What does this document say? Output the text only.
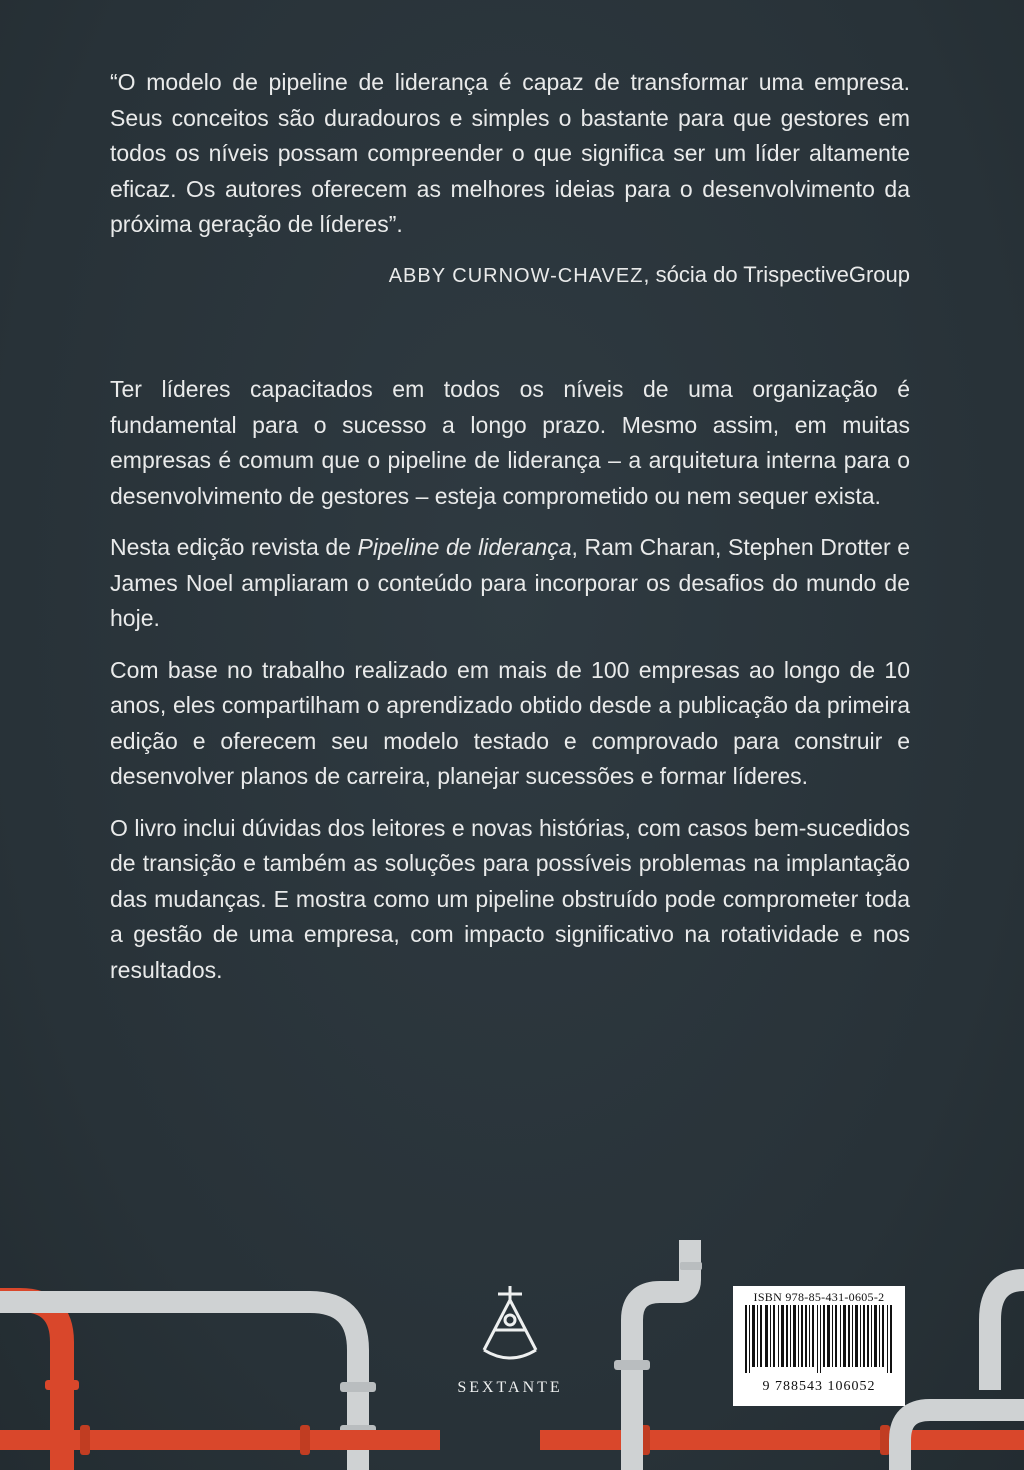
“O modelo de pipeline de liderança é capaz de transformar uma empresa. Seus conceitos são duradouros e simples o bastante para que gestores em todos os níveis possam compreender o que significa ser um líder altamente eficaz. Os autores oferecem as melhores ideias para o desenvolvimento da próxima geração de líderes”.
ABBY CURNOW-CHAVEZ, sócia do TrispectiveGroup

Ter líderes capacitados em todos os níveis de uma organização é fundamental para o sucesso a longo prazo. Mesmo assim, em muitas empresas é comum que o pipeline de liderança – a arquitetura interna para o desenvolvimento de gestores – esteja comprometido ou nem sequer exista.

Nesta edição revista de Pipeline de liderança, Ram Charan, Stephen Drotter e James Noel ampliaram o conteúdo para incorporar os desafios do mundo de hoje.

Com base no trabalho realizado em mais de 100 empresas ao longo de 10 anos, eles compartilham o aprendizado obtido desde a publicação da primeira edição e oferecem seu modelo testado e comprovado para construir e desenvolver planos de carreira, planejar sucessões e formar líderes.

O livro inclui dúvidas dos leitores e novas histórias, com casos bem-sucedidos de transição e também as soluções para possíveis problemas na implantação das mudanças. E mostra como um pipeline obstruído pode comprometer toda a gestão de uma empresa, com impacto significativo na rotatividade e nos resultados.

SEXTANTE
ISBN 978-85-431-0605-2
9 788543 106052
